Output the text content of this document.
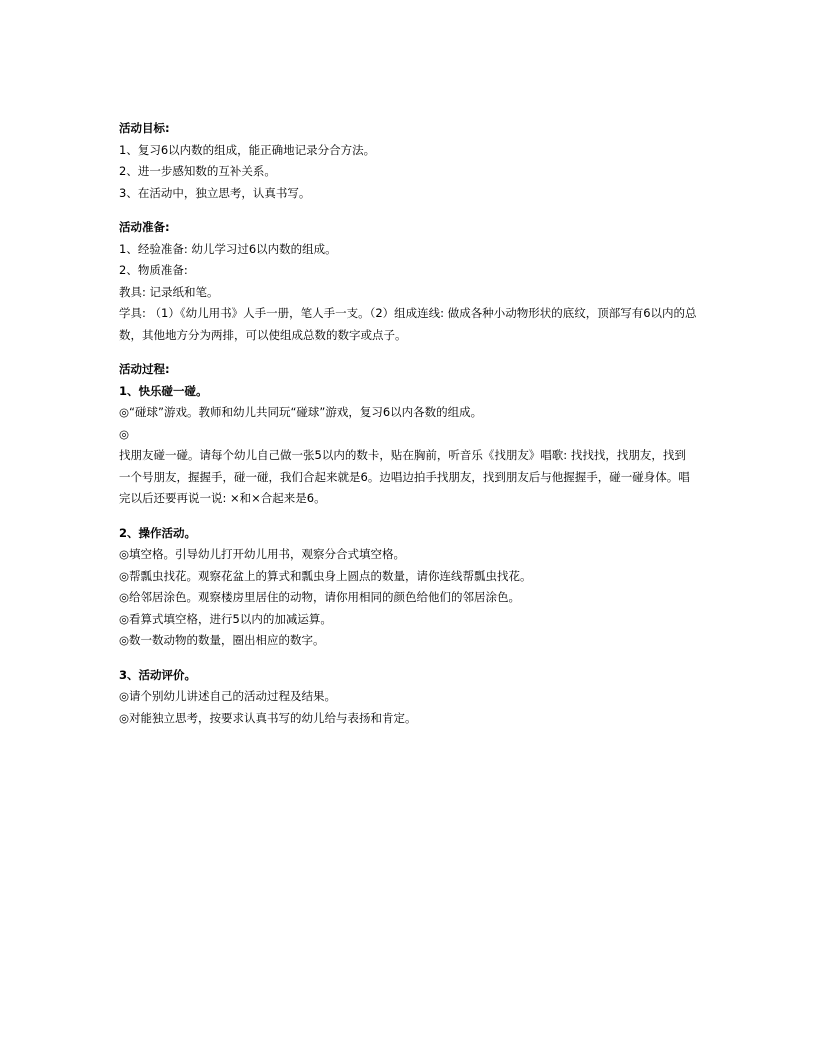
活动目标:
1、复习6以内数的组成，能正确地记录分合方法。
2、进一步感知数的互补关系。
3、在活动中，独立思考，认真书写。
活动准备:
1、经验准备: 幼儿学习过6以内数的组成。
2、物质准备:
教具: 记录纸和笔。
学具: （1）《幼儿用书》人手一册，笔人手一支。（2）组成连线: 做成各种小动物形状的底纹，顶部写有6以内的总数，其他地方分为两排，可以使组成总数的数字或点子。
活动过程:
1、快乐碰一碰。
◎“碰球”游戏。教师和幼儿共同玩“碰球”游戏，复习6以内各数的组成。
◎
找朋友碰一碰。请每个幼儿自己做一张5以内的数卡，贴在胸前，听音乐《找朋友》唱歌: 找找找，找朋友，找到一个号朋友，握握手，碰一碰，我们合起来就是6。边唱边拍手找朋友，找到朋友后与他握握手，碰一碰身体。唱完以后还要再说一说: ×和×合起来是6。
2、操作活动。
◎填空格。引导幼儿打开幼儿用书，观察分合式填空格。
◎帮瓢虫找花。观察花盆上的算式和瓢虫身上圆点的数量，请你连线帮瓢虫找花。
◎给邻居涂色。观察楼房里居住的动物，请你用相同的颜色给他们的邻居涂色。
◎看算式填空格，进行5以内的加减运算。
◎数一数动物的数量，圈出相应的数字。
3、活动评价。
◎请个别幼儿讲述自己的活动过程及结果。
◎对能独立思考，按要求认真书写的幼儿给与表扬和肯定。
